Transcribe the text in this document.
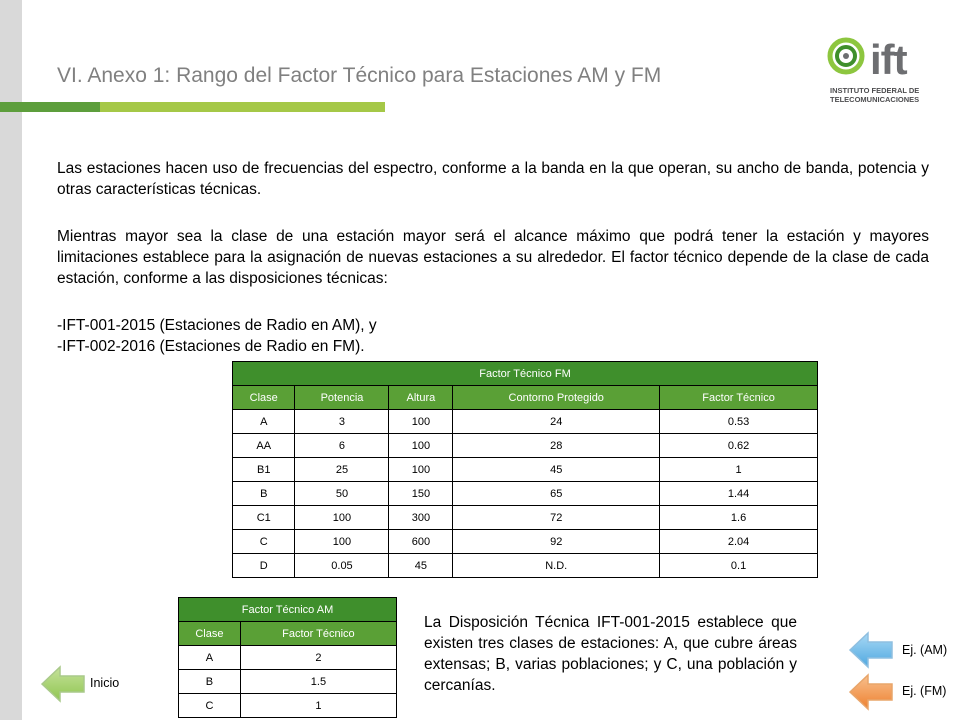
VI. Anexo 1: Rango del Factor Técnico para Estaciones AM y FM	ift
INSTITUTO FEDERAL DE
TELECOMUNICACIONES
Las estaciones hacen uso de frecuencias del espectro, conforme a la banda en la que operan, su ancho de banda, potencia y otras características técnicas.
Mientras mayor sea la clase de una estación mayor será el alcance máximo que podrá tener la estación y mayores limitaciones establece para la asignación de nuevas estaciones a su alrededor. El factor técnico depende de la clase de cada estación, conforme a las disposiciones técnicas:
-IFT-001-2015 (Estaciones de Radio en AM), y
-IFT-002-2016 (Estaciones de Radio en FM).
Factor Técnico FM				
Clase	Potencia	Altura	Contorno Protegido	Factor Técnico
A	3	100	24	0.53
AA	6	100	28	0.62
B1	25	100	45	1
B	50	150	65	1.44
C1	100	300	72	1.6
C	100	600	92	2.04
D	0.05	45	N.D.	0.1
Factor Técnico AM	
Clase	Factor Técnico
A	2
B	1.5
C	1
La Disposición Técnica IFT-001-2015 establece que existen tres clases de estaciones: A, que cubre áreas extensas; B, varias poblaciones; y C, una población y cercanías.
Inicio
Ej. (AM)
Ej. (FM)
